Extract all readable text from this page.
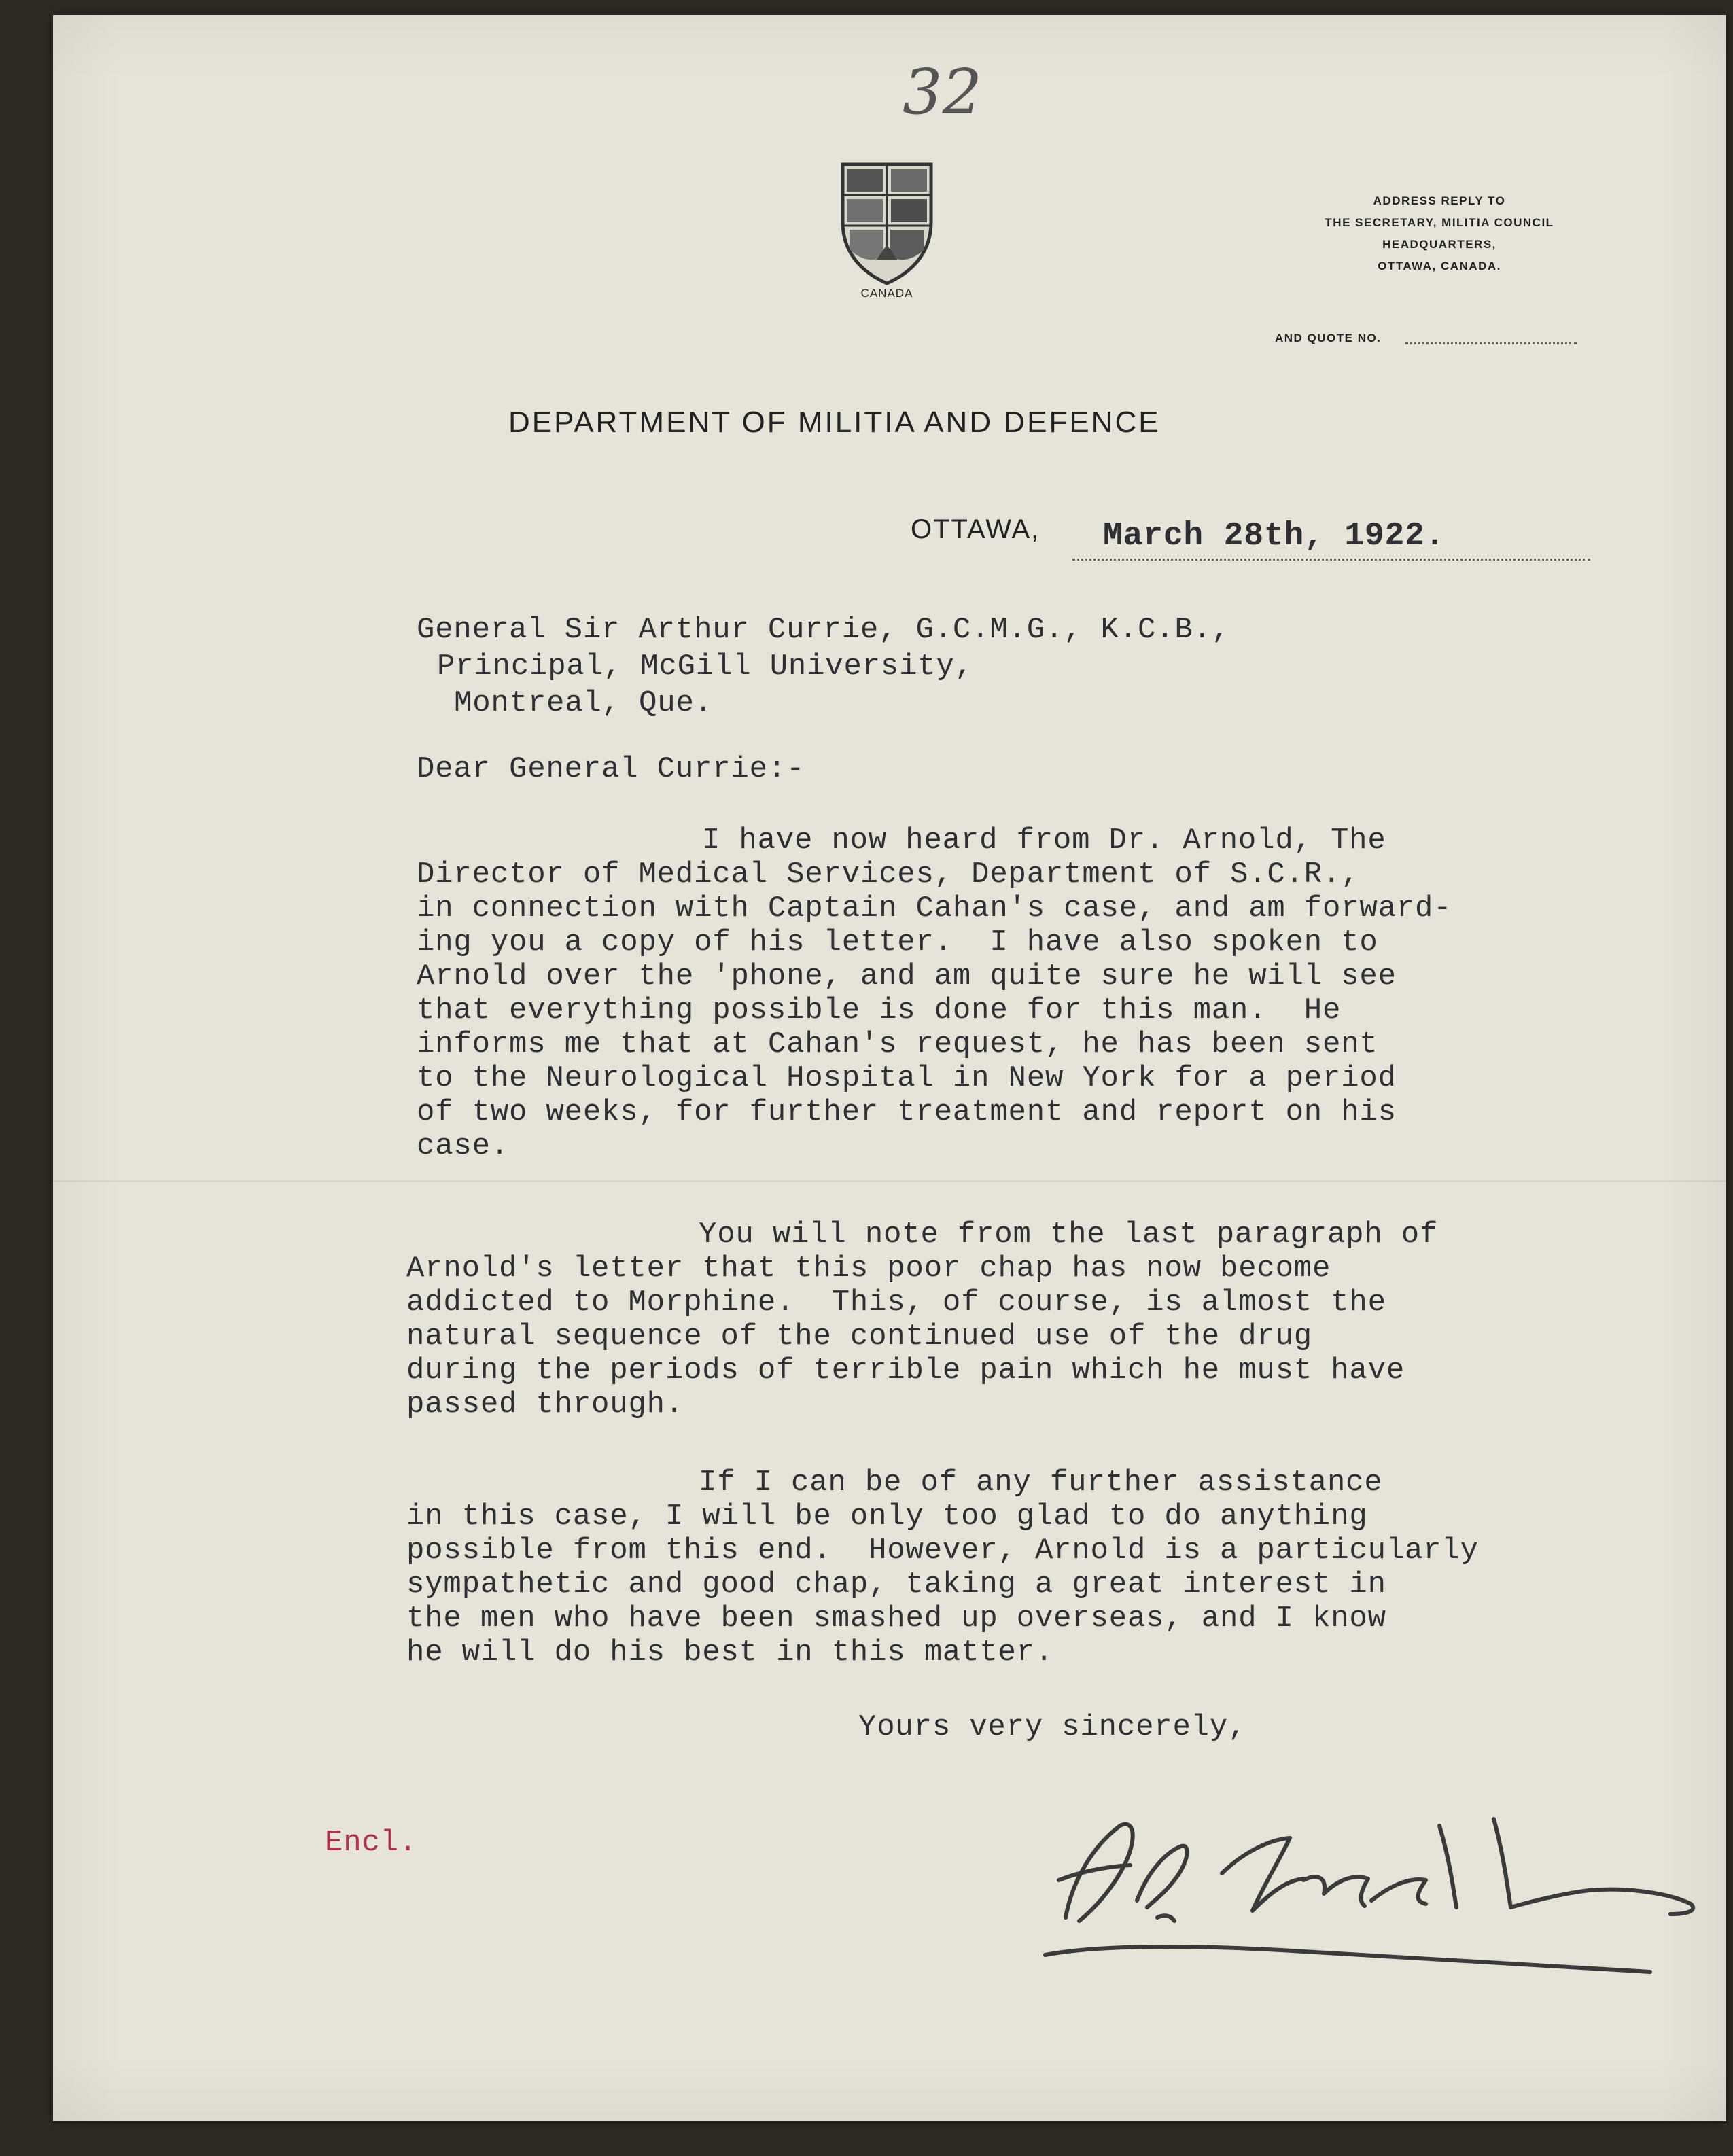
32
CANADA
ADDRESS REPLY TO
THE SECRETARY, MILITIA COUNCIL
HEADQUARTERS,
OTTAWA, CANADA.
AND QUOTE NO.
DEPARTMENT OF MILITIA AND DEFENCE
OTTAWA, March 28th, 1922.
General Sir Arthur Currie, G.C.M.G., K.C.B.,
Principal, McGill University,
Montreal, Que.
Dear General Currie:-
I have now heard from Dr. Arnold, The
Director of Medical Services, Department of S.C.R.,
in connection with Captain Cahan's case, and am forward-
ing you a copy of his letter.  I have also spoken to
Arnold over the 'phone, and am quite sure he will see
that everything possible is done for this man.  He
informs me that at Cahan's request, he has been sent
to the Neurological Hospital in New York for a period
of two weeks, for further treatment and report on his
case.
You will note from the last paragraph of
Arnold's letter that this poor chap has now become
addicted to Morphine.  This, of course, is almost the
natural sequence of the continued use of the drug
during the periods of terrible pain which he must have
passed through.
If I can be of any further assistance
in this case, I will be only too glad to do anything
possible from this end.  However, Arnold is a particularly
sympathetic and good chap, taking a great interest in
the men who have been smashed up overseas, and I know
he will do his best in this matter.
Yours very sincerely,
Encl.
